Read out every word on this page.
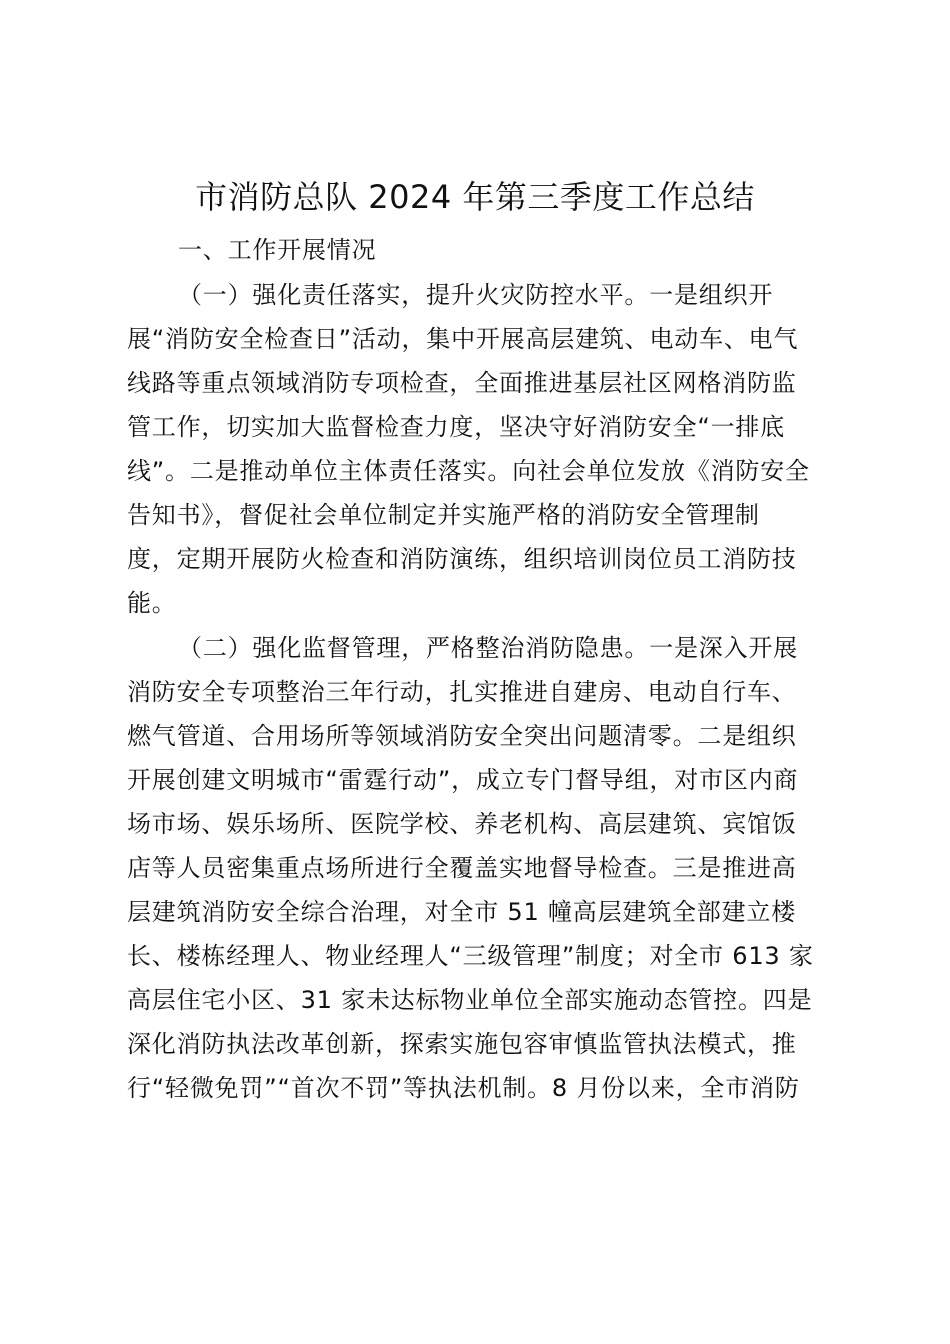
市消防总队 2024 年第三季度工作总结

一、工作开展情况

（一）强化责任落实，提升火灾防控水平。一是组织开

展“消防安全检查日”活动，集中开展高层建筑、电动车、电气

线路等重点领域消防专项检查，全面推进基层社区网格消防监

管工作，切实加大监督检查力度，坚决守好消防安全“一排底

线”。二是推动单位主体责任落实。向社会单位发放《消防安全

告知书》，督促社会单位制定并实施严格的消防安全管理制

度，定期开展防火检查和消防演练，组织培训岗位员工消防技

能。

（二）强化监督管理，严格整治消防隐患。一是深入开展

消防安全专项整治三年行动，扎实推进自建房、电动自行车、

燃气管道、合用场所等领域消防安全突出问题清零。二是组织

开展创建文明城市“雷霆行动”，成立专门督导组，对市区内商

场市场、娱乐场所、医院学校、养老机构、高层建筑、宾馆饭

店等人员密集重点场所进行全覆盖实地督导检查。三是推进高

层建筑消防安全综合治理，对全市 51 幢高层建筑全部建立楼

长、楼栋经理人、物业经理人“三级管理”制度；对全市 613 家

高层住宅小区、31 家未达标物业单位全部实施动态管控。四是

深化消防执法改革创新，探索实施包容审慎监管执法模式，推

行“轻微免罚”“首次不罚”等执法机制。8 月份以来，全市消防
